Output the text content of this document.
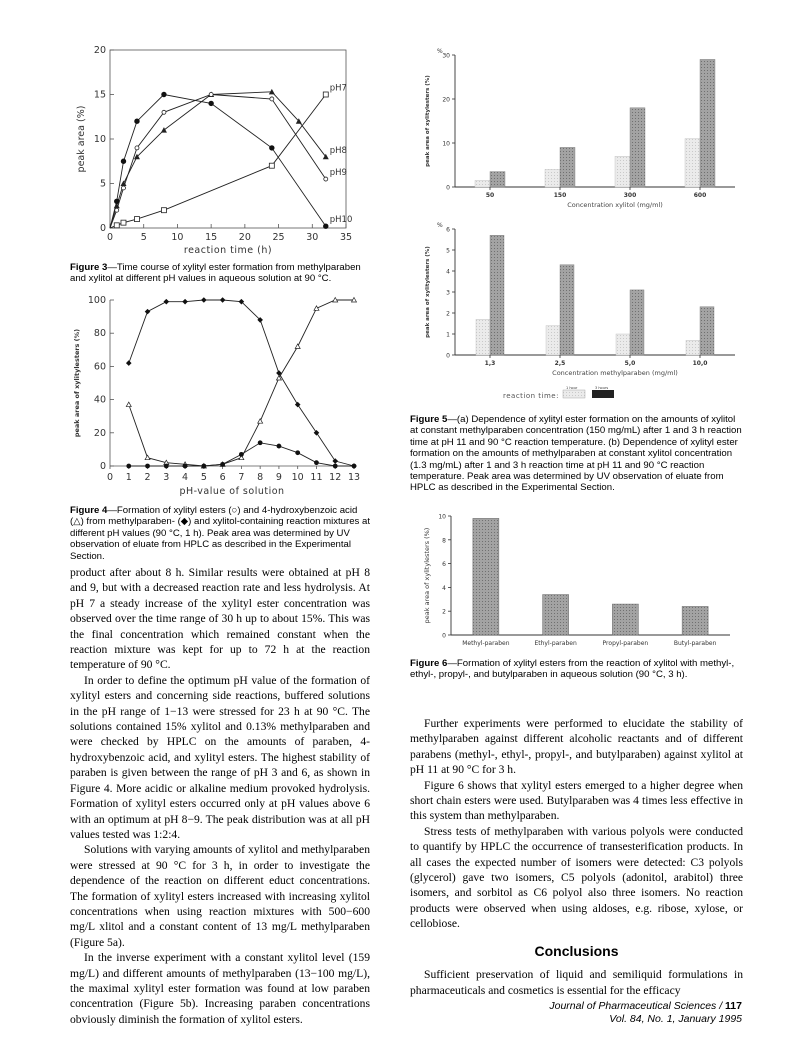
0	5	10 15 20 25 30 35
0
5
10
15
20
reaction time (h)
peak area (%)
pH7
pH8
pH9
pH10
Figure 3—Time course of xylityl ester formation from methylparaben and xylitol at different pH values in aqueous solution at 90 °C.
0 1 2 3 4 5 6 7 8 9 10 11 12 13
0
20
40
60
80
100
pH-value of solution
peak area of xylitylesters (%)
Figure 4—Formation of xylityl esters (○) and 4-hydroxybenzoic acid (△) from methylparaben- (◆) and xylitol-containing reaction mixtures at different pH values (90 °C, 1 h). Peak area was determined by UV observation of eluate from HPLC as described in the Experimental Section.
%
0
10
20
30
50	150	300	600
Concentration xylitol (mg/ml)
peak area of xylitylesters (%)
%
0
1
2
3
4
5
6
1,3	2,5	5,0	10,0
Concentration methylparaben (mg/ml)
peak area of xylitylesters (%)
reaction time:
1 hour	3 hours
Figure 5—(a) Dependence of xylityl ester formation on the amounts of xylitol at constant methylparaben concentration (150 mg/mL) after 1 and 3 h reaction time at pH 11 and 90 °C reaction temperature. (b) Dependence of xylityl ester formation on the amounts of methylparaben at constant xylitol concentration (1.3 mg/mL) after 1 and 3 h reaction time at pH 11 and 90 °C reaction temperature. Peak area was determined by UV observation of eluate from HPLC as described in the Experimental Section.
0
2
4
6
8
10
Methyl-paraben	Ethyl-paraben	Propyl-paraben	Butyl-paraben
peak area of xylitylesters (%)
Figure 6—Formation of xylityl esters from the reaction of xylitol with methyl-, ethyl-, propyl-, and butylparaben in aqueous solution (90 °C, 3 h).

product after about 8 h. Similar results were obtained at pH 8 and 9, but with a decreased reaction rate and less hydrolysis. At pH 7 a steady increase of the xylityl ester concentration was observed over the time range of 30 h up to about 15%. This was the final concentration which remained constant when the reaction mixture was kept for up to 72 h at the reaction temperature of 90 °C.

In order to define the optimum pH value of the formation of xylityl esters and concerning side reactions, buffered solutions in the pH range of 1−13 were stressed for 23 h at 90 °C. The solutions contained 15% xylitol and 0.13% methylparaben and were checked by HPLC on the amounts of paraben, 4-hydroxybenzoic acid, and xylityl esters. The highest stability of paraben is given between the range of pH 3 and 6, as shown in Figure 4. More acidic or alkaline medium provoked hydrolysis. Formation of xylityl esters occurred only at pH values above 6 with an optimum at pH 8−9. The peak distribution was at all pH values tested was 1:2:4.

Solutions with varying amounts of xylitol and methylparaben were stressed at 90 °C for 3 h, in order to investigate the dependence of the reaction on different educt concentrations. The formation of xylityl esters increased with increasing xylitol concentrations when using reaction mixtures with 500−600 mg/L xlitol and a constant content of 13 mg/L methylparaben (Figure 5a).

In the inverse experiment with a constant xylitol level (159 mg/L) and different amounts of methylparaben (13−100 mg/L), the maximal xylityl ester formation was found at low paraben concentration (Figure 5b). Increasing paraben concentrations obviously diminish the formation of xylitol esters.

Further experiments were performed to elucidate the stability of methylparaben against different alcoholic reactants and of different parabens (methyl-, ethyl-, propyl-, and butylparaben) against xylitol at pH 11 at 90 °C for 3 h.

Figure 6 shows that xylityl esters emerged to a higher degree when short chain esters were used. Butylparaben was 4 times less effective in this system than methylparaben.

Stress tests of methylparaben with various polyols were conducted to quantify by HPLC the occurrence of transesterification products. In all cases the expected number of isomers were detected: C3 polyols (glycerol) gave two isomers, C5 polyols (adonitol, arabitol) three isomers, and sorbitol as C6 polyol also three isomers. No reaction products were observed when using aldoses, e.g. ribose, xylose, or cellobiose.

Conclusions

Sufficient preservation of liquid and semiliquid formulations in pharmaceuticals and cosmetics is essential for the efficacy

Journal of Pharmaceutical Sciences / 117
Vol. 84, No. 1, January 1995
